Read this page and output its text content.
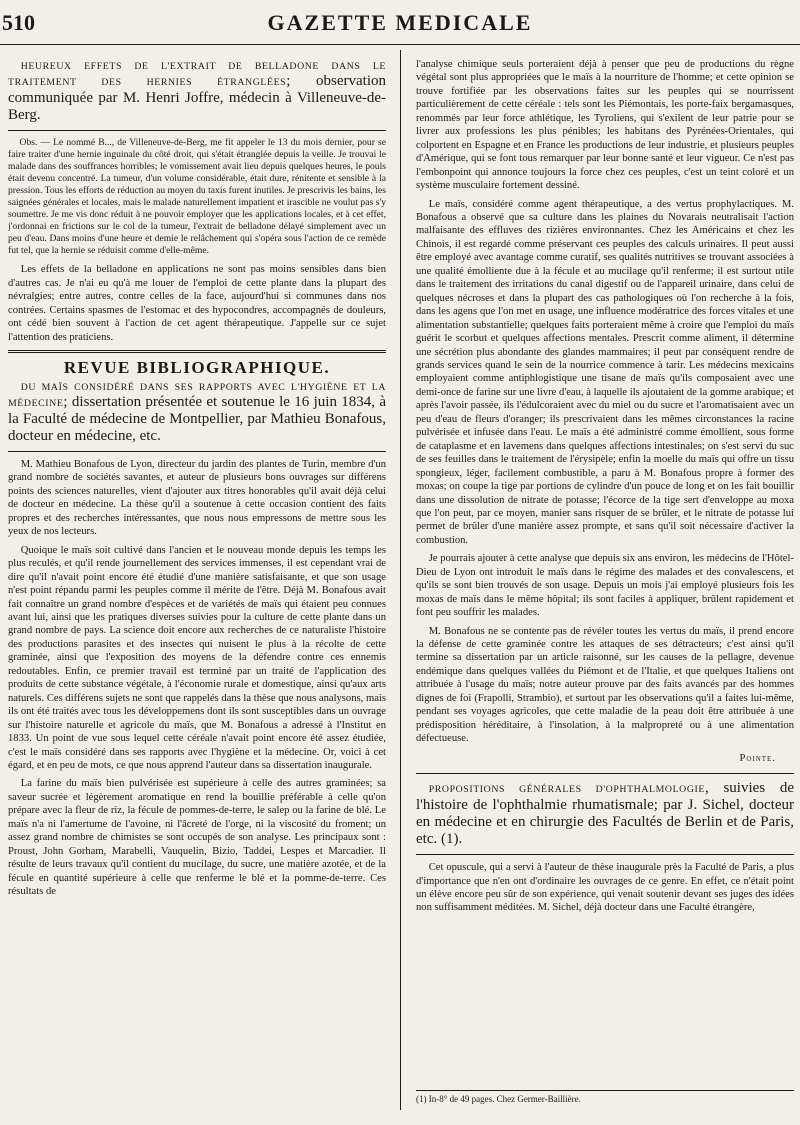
510	GAZETTE MEDICALE
HEUREUX EFFETS DE L'EXTRAIT DE BELLADONE DANS LE TRAITEMENT DES HERNIES ÉTRANGLÉES; observation communiquée par M. Henri Joffre, médecin à Villeneuve-de-Berg.

Obs. — Le nommé B..., de Villeneuve-de-Berg, me fit appeler le 13 du mois dernier, pour se faire traiter d'une hernie inguinale du côté droit, qui s'était étranglée depuis la veille. Je trouvai le malade dans des souffrances horribles; le vomissement avait lieu depuis quelques heures, le pouls était devenu concentré. La tumeur, d'un volume considérable, était dure, rénitente et sensible à la pression. Tous les efforts de réduction au moyen du taxis furent inutiles. Je prescrivis les bains, les saignées générales et locales, mais le malade naturellement impatient et irascible ne voulut pas s'y soumettre. Je me vis donc réduit à ne pouvoir employer que les applications locales, et à cet effet, j'ordonnai en frictions sur le col de la tumeur, l'extrait de belladone délayé simplement avec un peu d'eau. Dans moins d'une heure et demie le relâchement qui s'opéra sous l'action de ce remède fut tel, que la hernie se réduisit comme d'elle-même.

Les effets de la belladone en applications ne sont pas moins sensibles dans bien d'autres cas. Je n'ai eu qu'à me louer de l'emploi de cette plante dans la plupart des névralgies; entre autres, contre celles de la face, aujourd'hui si communes dans nos contrées. Certains spasmes de l'estomac et des hypocondres, accompagnés de douleurs, ont cédé bien souvent à l'action de cet agent thérapeutique. J'appelle sur ce sujet l'attention des praticiens.

REVUE BIBLIOGRAPHIQUE.
DU MAÏS CONSIDÉRÉ DANS SES RAPPORTS AVEC L'HYGIÈNE ET LA MÉDECINE; dissertation présentée et soutenue le 16 juin 1834, à la Faculté de médecine de Montpellier, par Mathieu Bonafous, docteur en médecine, etc.

M. Mathieu Bonafous de Lyon, directeur du jardin des plantes de Turin, membre d'un grand nombre de sociétés savantes, et auteur de plusieurs bons ouvrages sur différens points des sciences naturelles, vient d'ajouter aux titres honorables qu'il avait déjà celui de docteur en médecine. La thèse qu'il a soutenue à cette occasion contient des faits propres et des recherches intéressantes, que nous nous empressons de mettre sous les yeux de nos lecteurs.

Quoique le maïs soit cultivé dans l'ancien et le nouveau monde depuis les temps les plus reculés, et qu'il rende journellement des services immenses, il est cependant vrai de dire qu'il n'avait point encore été étudié d'une manière satisfaisante, et que son usage n'est point répandu parmi les peuples comme il mérite de l'être. Déjà M. Bonafous avait fait connaître un grand nombre d'espèces et de variétés de maïs qui étaient peu connues avant lui, ainsi que les pratiques diverses suivies pour la culture de cette plante dans un grand nombre de pays. La science doit encore aux recherches de ce naturaliste l'histoire des productions parasites et des insectes qui nuisent le plus à la récolte de cette graminée, ainsi que l'exposition des moyens de la défendre contre ces ennemis redoutables. Enfin, ce premier travail est terminé par un traité de l'application des produits de cette substance végétale, à l'économie rurale et domestique, ainsi qu'aux arts naturels. Ces différens sujets ne sont que rappelés dans la thèse que nous analysons, mais ils ont été traités avec tous les développemens dont ils sont susceptibles dans un ouvrage sur l'histoire naturelle et agricole du maïs, que M. Bonafous a adressé à l'Institut en 1833. Un point de vue sous lequel cette céréale n'avait point encore été assez étudiée, c'est le maïs considéré dans ses rapports avec l'hygiène et la médecine. Or, voici à cet égard, et en peu de mots, ce que nous apprend l'auteur dans sa dissertation inaugurale.

La farine du maïs bien pulvérisée est supérieure à celle des autres graminées; sa saveur sucrée et légèrement aromatique en rend la bouillie préférable à celle qu'on prépare avec la fleur de riz, la fécule de pommes-de-terre, le salep ou la farine de blé. Le maïs n'a ni l'amertume de l'avoine, ni l'âcreté de l'orge, ni la viscosité du froment; un assez grand nombre de chimistes se sont occupés de son analyse. Les principaux sont : Proust, John Gorham, Marabelli, Vauquelin, Bizio, Taddei, Lespes et Marcadier. Il résulte de leurs travaux qu'il contient du mucilage, du sucre, une matière azotée, et de la fécule en quantité supérieure à celle que renferme le blé et la pomme-de-terre. Ces résultats de

l'analyse chimique seuls porteraient déjà à penser que peu de productions du règne végétal sont plus appropriées que le maïs à la nourriture de l'homme; et cette opinion se trouve fortifiée par les observations faites sur les peuples qui se nourrissent particulièrement de cette céréale : tels sont les Piémontais, les porte-faix bergamasques, renommés par leur force athlétique, les Tyroliens, qui s'exilent de leur patrie pour se livrer aux professions les plus pénibles; les habitans des Pyrénées-Orientales, qui colportent en Espagne et en France les productions de leur industrie, et plusieurs peuples d'Amérique, qui se font tous remarquer par leur bonne santé et leur vigueur. Ce n'est pas l'embonpoint qui annonce toujours la force chez ces peuples, c'est un teint coloré et un système musculaire fortement dessiné.

Le maïs, considéré comme agent thérapeutique, a des vertus prophylactiques. M. Bonafous a observé que sa culture dans les plaines du Novarais neutralisait l'action malfaisante des effluves des rizières environnantes. Chez les Américains et chez les Chinois, il est regardé comme préservant ces peuples des calculs urinaires. Il peut aussi être employé avec avantage comme curatif, ses qualités nutritives se trouvant associées à une qualité émolliente due à la fécule et au mucilage qu'il renferme; il est surtout utile dans le traitement des irritations du canal digestif ou de l'appareil urinaire, dans celui de quelques nécroses et dans la plupart des cas pathologiques où l'on recherche à la fois, dans les agens que l'on met en usage, une influence modératrice des forces vitales et une alimentation substantielle; quelques faits porteraient même à croire que l'emploi du maïs guérit le scorbut et quelques affections mentales. Prescrit comme aliment, il détermine une sécrétion plus abondante des glandes mammaires; il peut par conséquent rendre de grands services quand le sein de la nourrice commence à tarir. Les médecins mexicains employaient comme antiphlogistique une tisane de maïs qu'ils composaient avec une demi-once de farine sur une livre d'eau, à laquelle ils ajoutaient de la gomme arabique; et après l'avoir passée, ils l'édulcoraient avec du miel ou du sucre et l'aromatisaient avec un peu d'eau de fleurs d'oranger; ils prescrivaient dans les mêmes circonstances la racine pulvérisée et infusée dans l'eau. Le maïs a été administré comme émollient, sous forme de cataplasme et en lavemens dans quelques affections intestinales; on s'est servi du suc de ses feuilles dans le traitement de l'érysipèle; enfin la moelle du maïs qui offre un tissu spongieux, léger, facilement combustible, a paru à M. Bonafous propre à former des moxas; on coupe la tige par portions de cylindre d'un pouce de long et on les fait bouillir dans une dissolution de nitrate de potasse; l'écorce de la tige sert d'enveloppe au moxa que l'on peut, par ce moyen, manier sans risquer de se brûler, et le nitrate de potasse lui permet de brûler d'une manière assez prompte, et sans qu'il soit nécessaire d'activer la combustion.

Je pourrais ajouter à cette analyse que depuis six ans environ, les médecins de l'Hôtel-Dieu de Lyon ont introduit le maïs dans le régime des malades et des convalescens, et qu'ils se sont bien trouvés de son usage. Depuis un mois j'ai employé plusieurs fois les moxas de maïs dans le même hôpital; ils sont faciles à appliquer, brûlent rapidement et font peu souffrir les malades.

M. Bonafous ne se contente pas de révéler toutes les vertus du maïs, il prend encore la défense de cette graminée contre les attaques de ses détracteurs; c'est ainsi qu'il termine sa dissertation par un article raisonné, sur les causes de la pellagre, devenue endémique dans quelques vallées du Piémont et de l'Italie, et que quelques Italiens ont attribuée à l'usage du maïs; notre auteur prouve par des faits avancés par des hommes dignes de foi (Frapolli, Strambio), et surtout par les observations qu'il a faites lui-même, pendant ses voyages agricoles, que cette maladie de la peau doit être attribuée à une prédisposition héréditaire, à l'insolation, à la malpropreté ou à une alimentation défectueuse.

Pointe.
PROPOSITIONS GÉNÉRALES D'OPHTHALMOLOGIE, suivies de l'histoire de l'ophthalmie rhumatismale; par J. Sichel, docteur en médecine et en chirurgie des Facultés de Berlin et de Paris, etc. (1).

Cet opuscule, qui a servi à l'auteur de thèse inaugurale près la Faculté de Paris, a plus d'importance que n'en ont d'ordinaire les ouvrages de ce genre. En effet, ce n'était point un élève encore peu sûr de son expérience, qui venait soutenir devant ses juges des idées non suffisamment méditées. M. Sichel, déjà docteur dans une Faculté étrangère,

(1) In-8° de 49 pages. Chez Germer-Baillière.
